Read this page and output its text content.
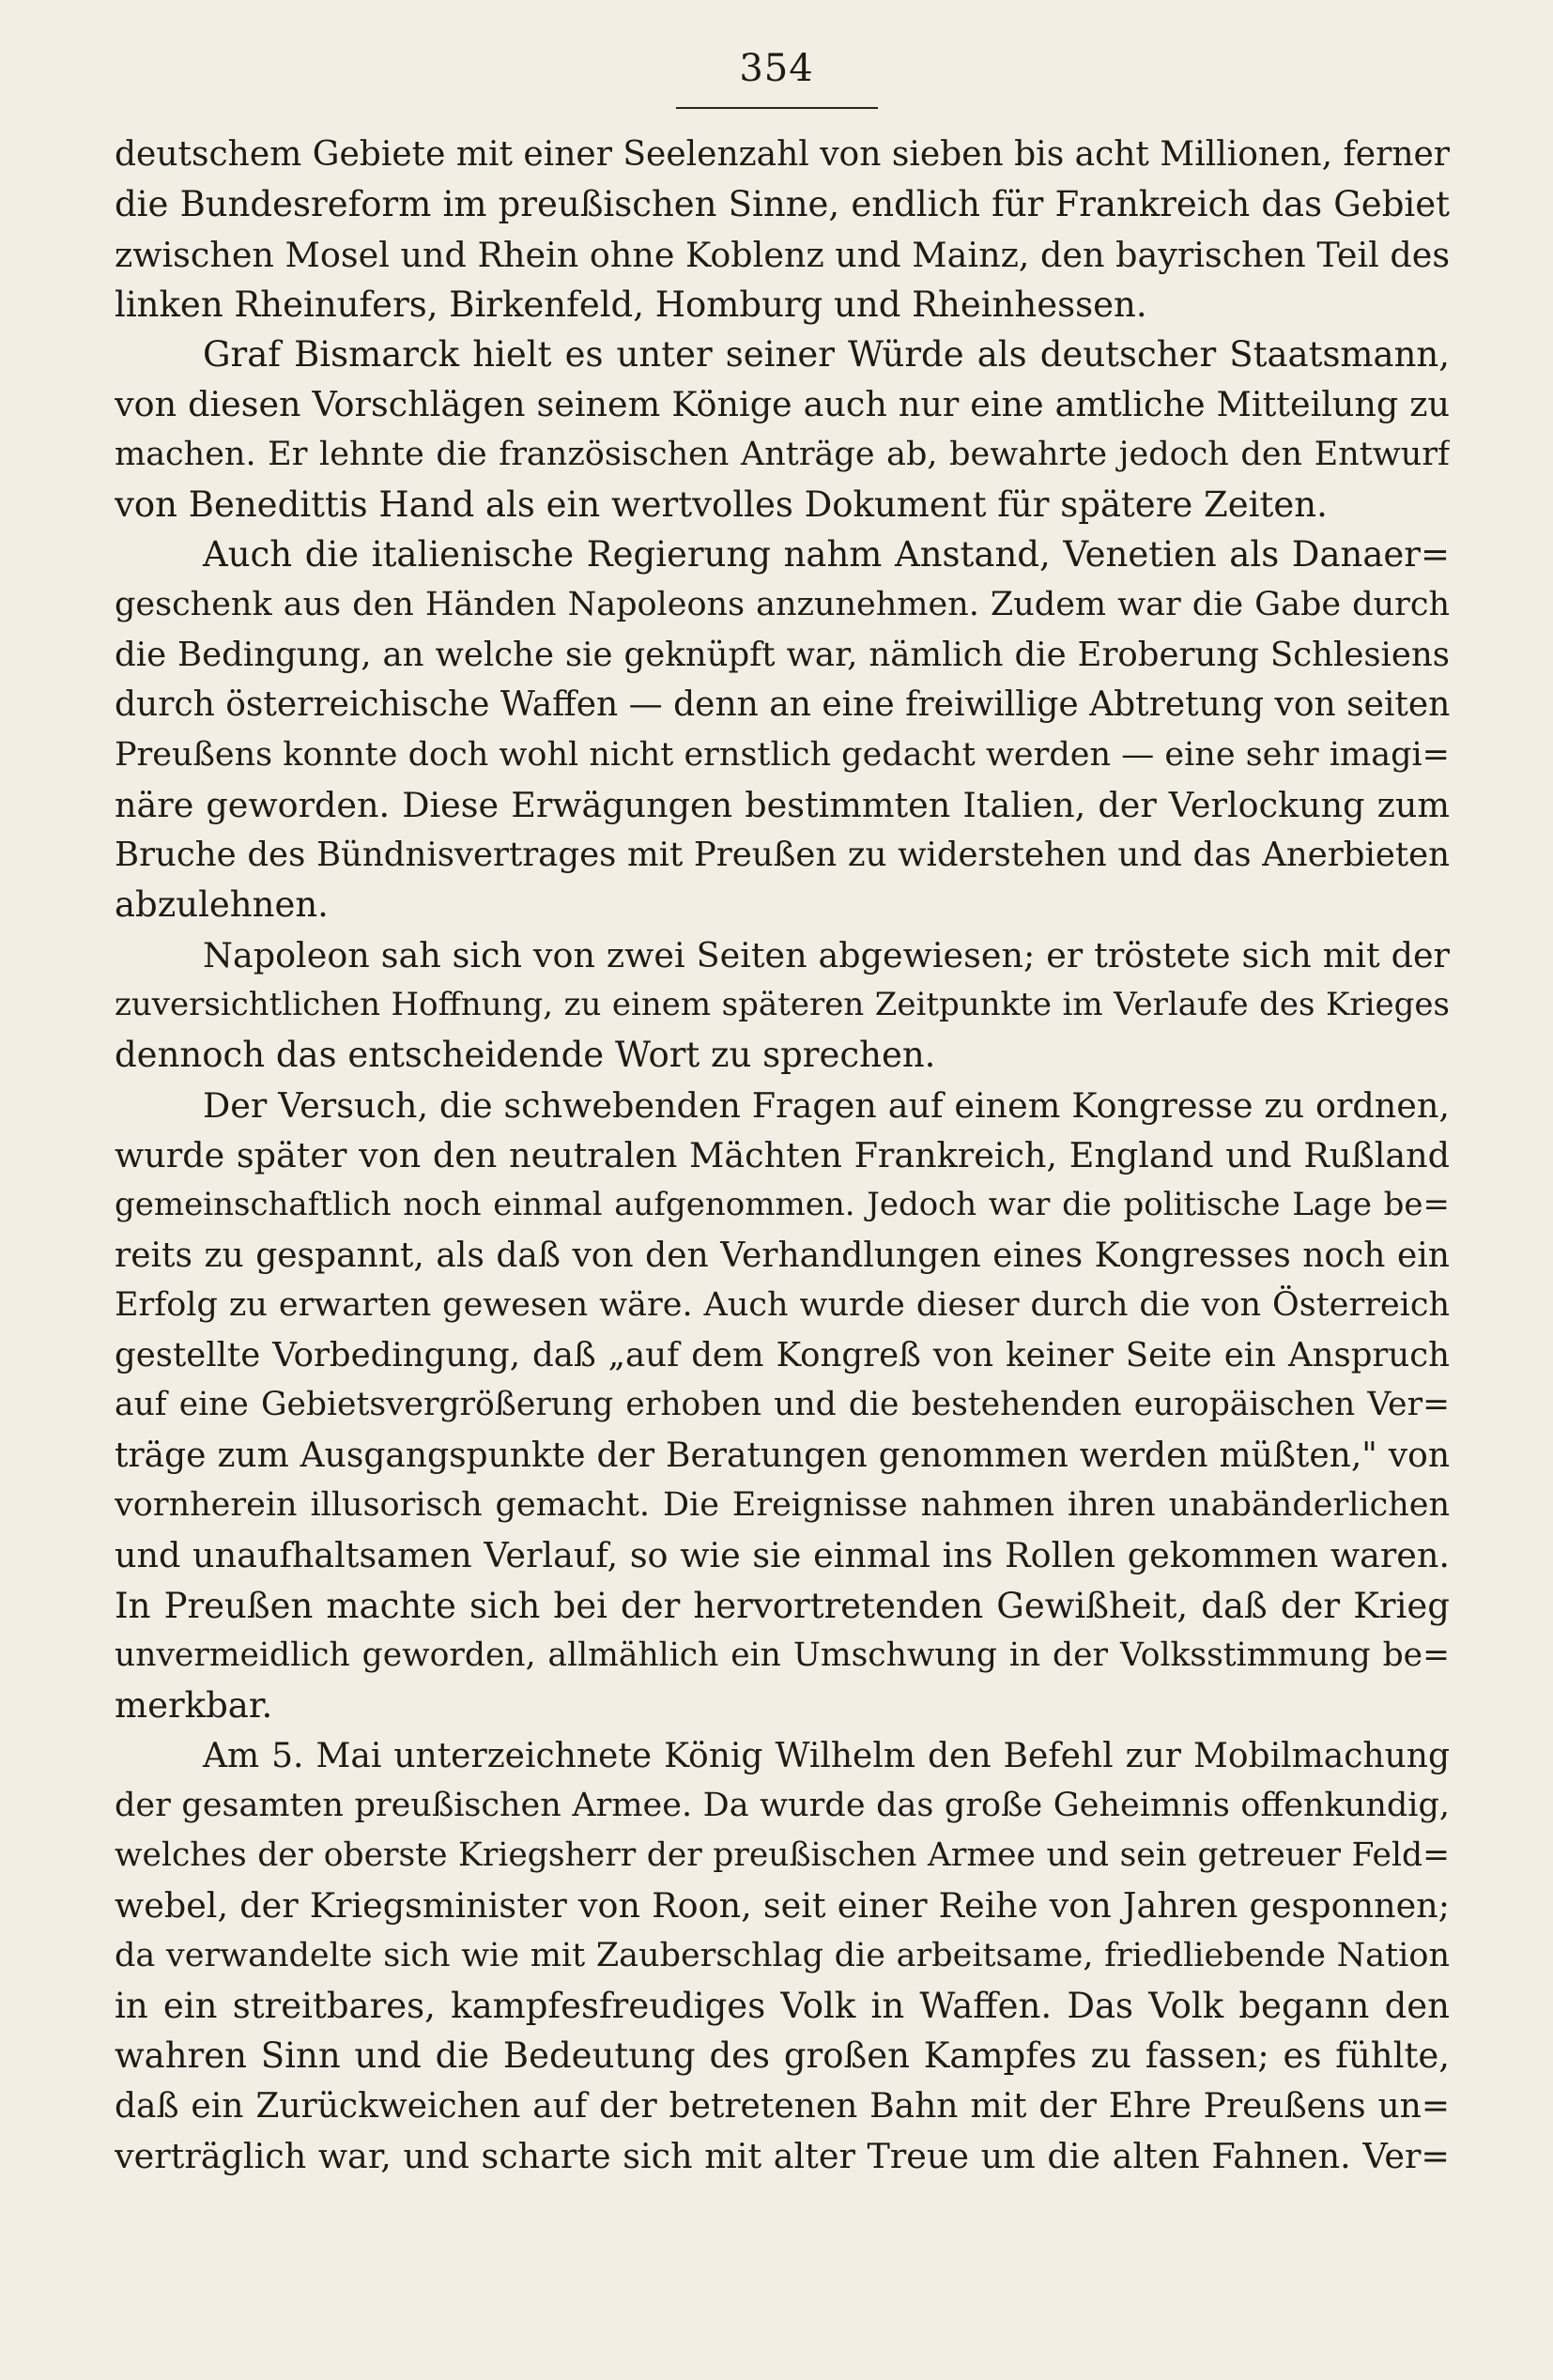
354
deutschem Gebiete mit einer Seelenzahl von sieben bis acht Millionen, ferner
die Bundesreform im preußischen Sinne, endlich für Frankreich das Gebiet
zwischen Mosel und Rhein ohne Koblenz und Mainz, den bayrischen Teil des
linken Rheinufers, Birkenfeld, Homburg und Rheinhessen.
Graf Bismarck hielt es unter seiner Würde als deutscher Staatsmann,
von diesen Vorschlägen seinem Könige auch nur eine amtliche Mitteilung zu
machen. Er lehnte die französischen Anträge ab, bewahrte jedoch den Entwurf
von Benedittis Hand als ein wertvolles Dokument für spätere Zeiten.
Auch die italienische Regierung nahm Anstand, Venetien als Danaer=
geschenk aus den Händen Napoleons anzunehmen. Zudem war die Gabe durch
die Bedingung, an welche sie geknüpft war, nämlich die Eroberung Schlesiens
durch österreichische Waffen — denn an eine freiwillige Abtretung von seiten
Preußens konnte doch wohl nicht ernstlich gedacht werden — eine sehr imagi=
näre geworden. Diese Erwägungen bestimmten Italien, der Verlockung zum
Bruche des Bündnisvertrages mit Preußen zu widerstehen und das Anerbieten
abzulehnen.
Napoleon sah sich von zwei Seiten abgewiesen; er tröstete sich mit der
zuversichtlichen Hoffnung, zu einem späteren Zeitpunkte im Verlaufe des Krieges
dennoch das entscheidende Wort zu sprechen.
Der Versuch, die schwebenden Fragen auf einem Kongresse zu ordnen,
wurde später von den neutralen Mächten Frankreich, England und Rußland
gemeinschaftlich noch einmal aufgenommen. Jedoch war die politische Lage be=
reits zu gespannt, als daß von den Verhandlungen eines Kongresses noch ein
Erfolg zu erwarten gewesen wäre. Auch wurde dieser durch die von Österreich
gestellte Vorbedingung, daß „auf dem Kongreß von keiner Seite ein Anspruch
auf eine Gebietsvergrößerung erhoben und die bestehenden europäischen Ver=
träge zum Ausgangspunkte der Beratungen genommen werden müßten," von
vornherein illusorisch gemacht. Die Ereignisse nahmen ihren unabänderlichen
und unaufhaltsamen Verlauf, so wie sie einmal ins Rollen gekommen waren.
In Preußen machte sich bei der hervortretenden Gewißheit, daß der Krieg
unvermeidlich geworden, allmählich ein Umschwung in der Volksstimmung be=
merkbar.
Am 5. Mai unterzeichnete König Wilhelm den Befehl zur Mobilmachung
der gesamten preußischen Armee. Da wurde das große Geheimnis offenkundig,
welches der oberste Kriegsherr der preußischen Armee und sein getreuer Feld=
webel, der Kriegsminister von Roon, seit einer Reihe von Jahren gesponnen;
da verwandelte sich wie mit Zauberschlag die arbeitsame, friedliebende Nation
in ein streitbares, kampfesfreudiges Volk in Waffen. Das Volk begann den
wahren Sinn und die Bedeutung des großen Kampfes zu fassen; es fühlte,
daß ein Zurückweichen auf der betretenen Bahn mit der Ehre Preußens un=
verträglich war, und scharte sich mit alter Treue um die alten Fahnen. Ver=
